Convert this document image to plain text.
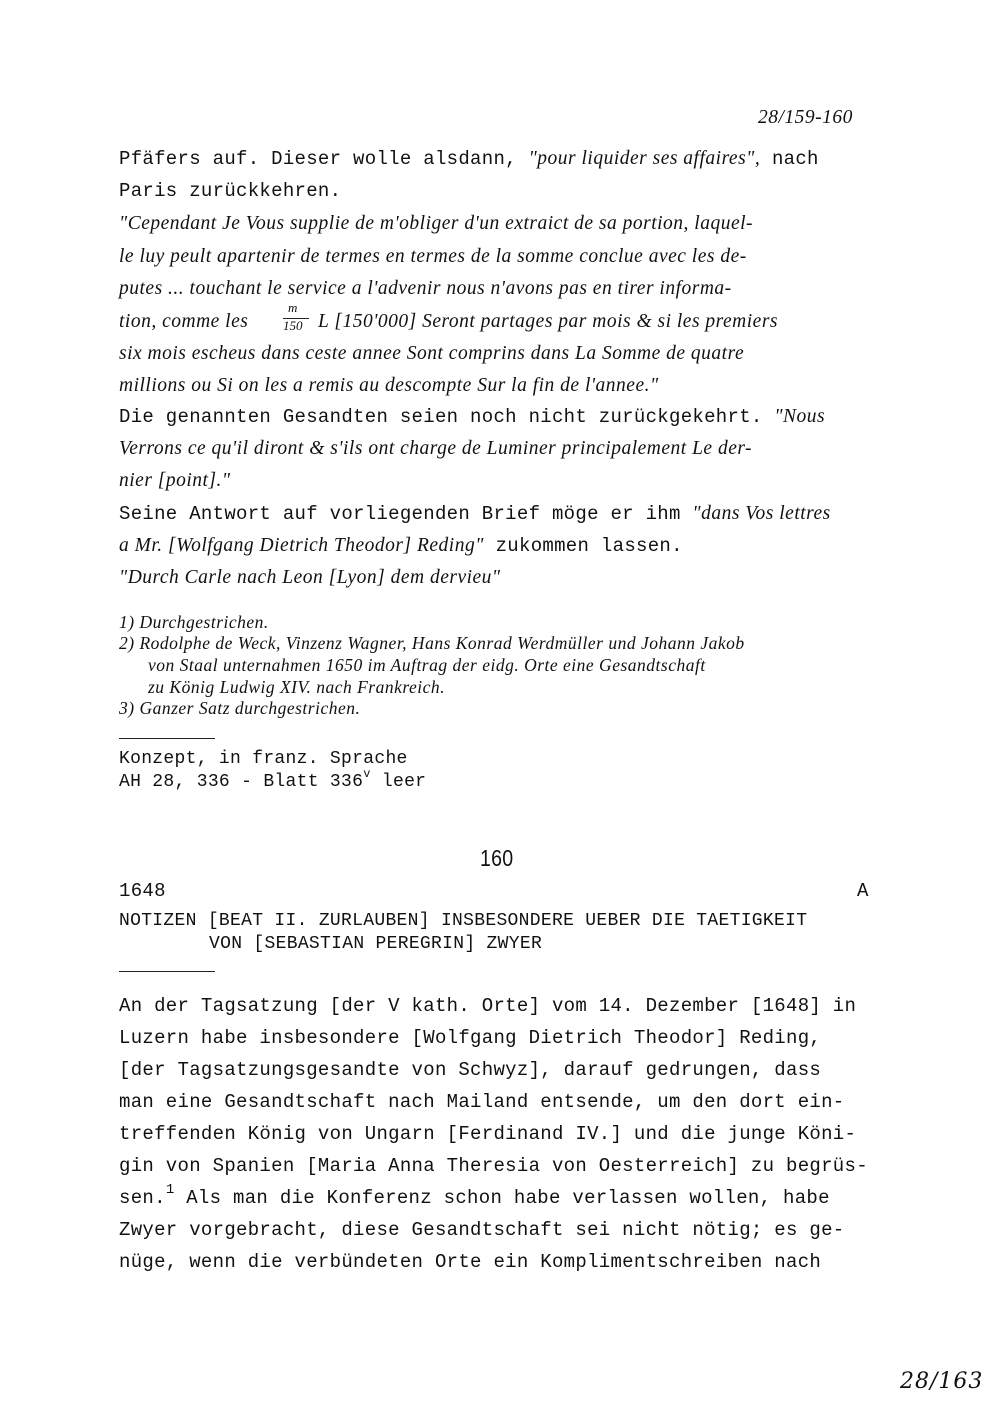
28/159-160
Pfäfers auf. Dieser wolle alsdann, "pour liquider ses affaires", nach
Paris zurückkehren.
"Cependant Je Vous supplie de m'obliger d'un extraict de sa portion, laquel-
le luy peult apartenir de termes en termes de la somme conclue avec les de-
putes ... touchant le service a l'advenir nous n'avons pas en tirer informa-
tion, comme les
m
150 L [150'000] Seront partages par mois & si les premiers
six mois escheus dans ceste annee Sont comprins dans La Somme de quatre
millions ou Si on les a remis au descompte Sur la fin de l'annee."
Die genannten Gesandten seien noch nicht zurückgekehrt. "Nous
Verrons ce qu'il diront & s'ils ont charge de Luminer principalement Le der-
nier [point]."
Seine Antwort auf vorliegenden Brief möge er ihm "dans Vos lettres
a Mr. [Wolfgang Dietrich Theodor] Reding" zukommen lassen.
"Durch Carle nach Leon [Lyon] dem dervieu"
1) Durchgestrichen.
2) Rodolphe de Weck, Vinzenz Wagner, Hans Konrad Werdmüller und Johann Jakob
von Staal unternahmen 1650 im Auftrag der eidg. Orte eine Gesandtschaft
zu König Ludwig XIV. nach Frankreich.
3) Ganzer Satz durchgestrichen.
Konzept, in franz. Sprache
AH 28, 336 - Blatt 336$^v$ leer
160
1648	A
NOTIZEN [BEAT II. ZURLAUBEN] INSBESONDERE UEBER DIE TAETIGKEIT
VON [SEBASTIAN PEREGRIN] ZWYER
An der Tagsatzung [der V kath. Orte] vom 14. Dezember [1648] in
Luzern habe insbesondere [Wolfgang Dietrich Theodor] Reding,
[der Tagsatzungsgesandte von Schwyz], darauf gedrungen, dass
man eine Gesandtschaft nach Mailand entsende, um den dort ein-
treffenden König von Ungarn [Ferdinand IV.] und die junge Köni-
gin von Spanien [Maria Anna Theresia von Oesterreich] zu begrüs-
sen.$^1$ Als man die Konferenz schon habe verlassen wollen, habe
Zwyer vorgebracht, diese Gesandtschaft sei nicht nötig; es ge-
nüge, wenn die verbündeten Orte ein Komplimentschreiben nach
28/163
